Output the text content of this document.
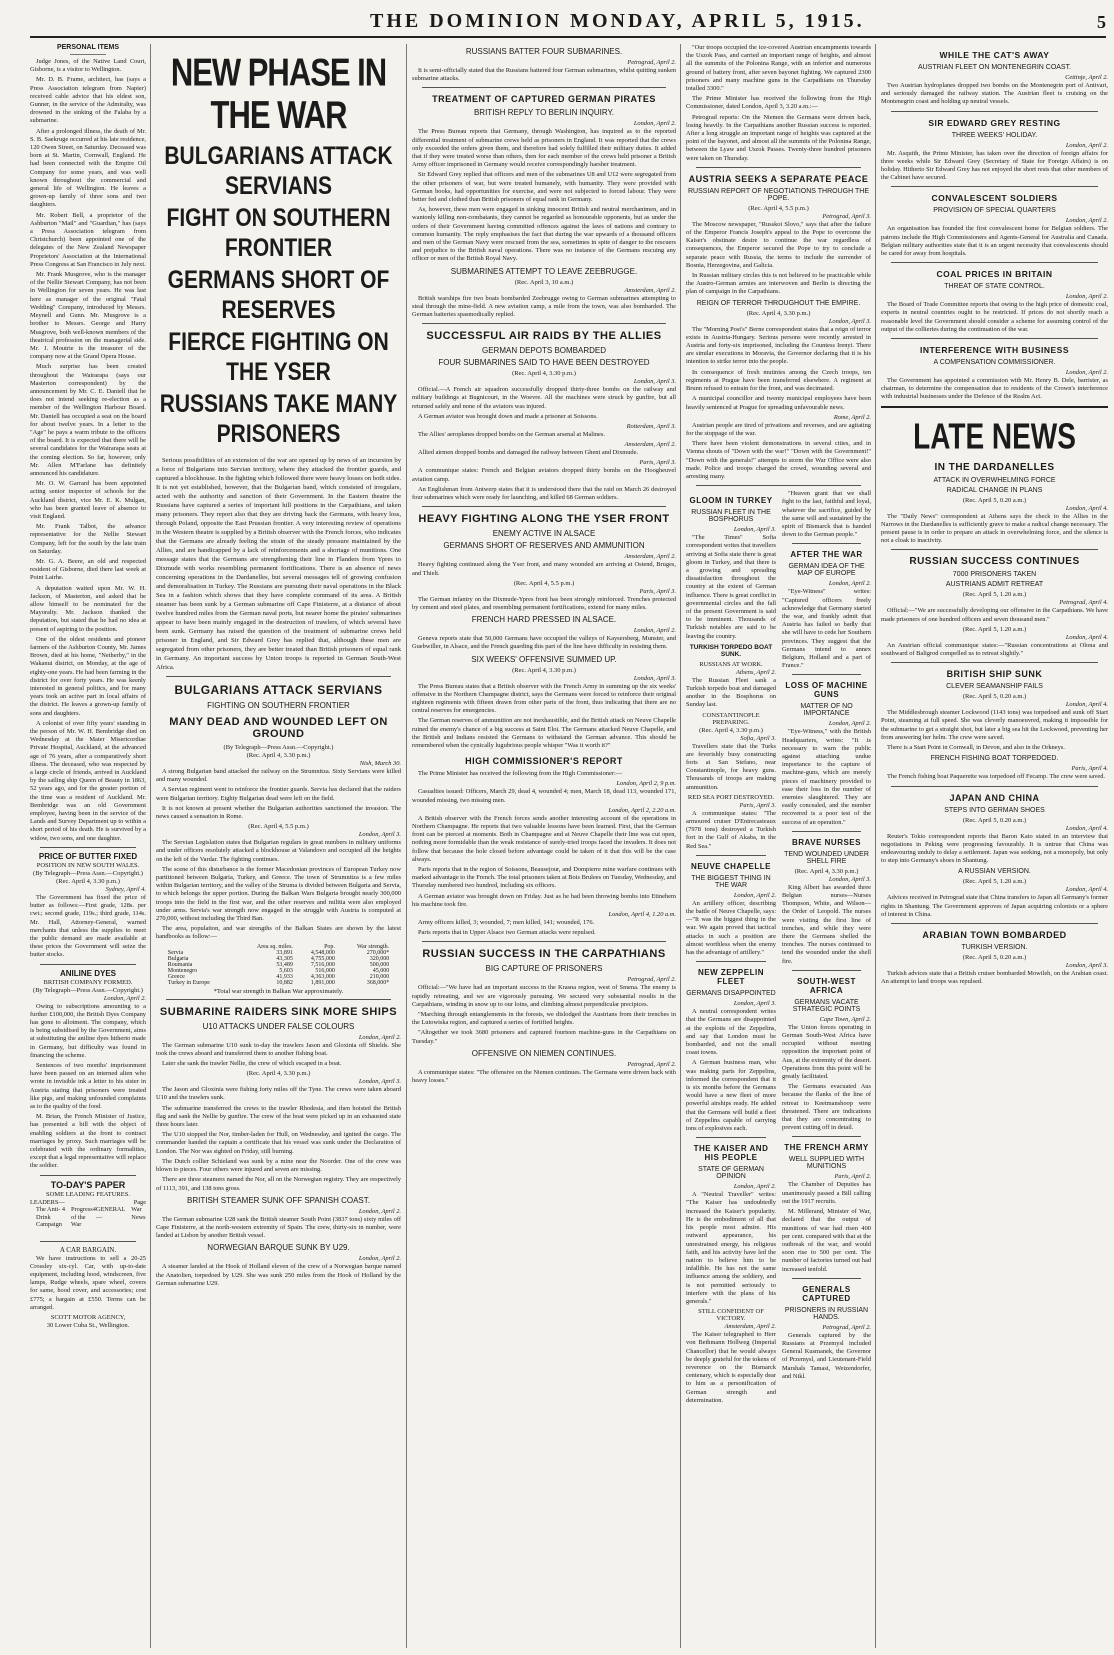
THE DOMINION MONDAY, APRIL 5, 1915.	5
PERSONAL ITEMS

Judge Jones, of the Native Land Court, Gisborne, is a visitor to Wellington.

Mr. D. B. Frame, architect, has (says a Press Association telegram from Napier) received cable advice that his eldest son, Gunner, in the service of the Admiralty, was drowned in the sinking of the Falaba by a submarine.

After a prolonged illness, the death of Mr. S. B. Saekruge occurred at his late residence, 120 Owen Street, on Saturday. Deceased was born at St. Martin, Cornwall, England. He had been connected with the Empire Oil Company for some years, and was well known throughout the commercial and general life of Wellington. He leaves a grown-up family of three sons and two daughters.

Mr. Robert Bell, a proprietor of the Ashburton "Mail" and "Guardian," has (says a Press Association telegram from Christchurch) been appointed one of the delegates of the New Zealand Newspaper Proprietors' Association at the International Press Congress at San Francisco in July next.

Mr. Frank Musgrove, who is the manager of the Nellie Stewart Company, has not been in Wellington for seven years. He was last here as manager of the original "Fatal Wedding" Company, introduced by Messrs. Meynell and Gunn. Mr. Musgrove is a brother to Messrs. George and Harry Musgrove, both well-known members of the theatrical profession on the managerial side. Mr. J. Moutrie is the treasurer of the company now at the Grand Opera House.

Much surprise has been created throughout the Wairarapa (says our Masterton correspondent) by the announcement by Mr. C. E. Daniell that he does not intend seeking re-election as a member of the Wellington Harbour Board. Mr. Daniell has occupied a seat on the board for about twelve years. In a letter to the "Age" he pays a warm tribute to the officers of the board. It is expected that there will be several candidates for the Wairarapa seats at the coming election. So far, however, only Mr. Allen M'Farlane has definitely announced his candidature.

Mr. O. W. Garrard has been appointed acting senior inspector of schools for the Auckland district, vice Mr. E. K. Mulgan, who has been granted leave of absence to visit England.

Mr. Frank Talbot, the advance representative for the Nellie Stewart Company, left for the south by the late train on Saturday.

Mr. G. A. Beere, an old and respected resident of Gisborne, died there last week at Point Lairhe.

A deputation waited upon Mr. W. H. Jackson, of Masterton, and asked that he allow himself to be nominated for the Mayoralty. Mr. Jackson thanked the deputation, but stated that he had no idea at present of aspiring to the position.

One of the oldest residents and pioneer farmers of the Ashburton County, Mr. James Brown, died at his home, "Netherby," in the Wakanui district, on Monday, at the age of eighty-one years. He had been farming in the district for over forty years. He was keenly interested in general politics, and for many years took an active part in local affairs of the district. He leaves a grown-up family of sons and daughters.

A colonist of over fifty years' standing in the person of Mr. W. H. Bembridge died on Wednesday at the Mater Misericordiae Private Hospital, Auckland, at the advanced age of 76 years, after a comparatively short illness. The deceased, who was respected by a large circle of friends, arrived in Auckland by the sailing ship Queen of Beauty in 1863, 52 years ago, and for the greater portion of the time was a resident of Auckland. Mr. Bembridge was an old Government employee, having been in the service of the Lands and Survey Department up to within a short period of his death. He is survived by a widow, two sons, and one daughter.

PRICE OF BUTTER FIXED
POSITION IN NEW SOUTH WALES.
(By Telegraph—Press Assn.—Copyright.)
(Rec. April 4, 3.30 p.m.)
Sydney, April 4.

The Government has fixed the price of butter as follows:—First grade, 128s. per cwt.; second grade, 119s.; third grade, 114s. Mr. Hall, Attorney-General, warned merchants that unless the supplies to meet the public demand are made available at these prices the Government will seize the butter stocks.

ANILINE DYES
BRITISH COMPANY FORMED.
(By Telegraph—Press Assn.—Copyright.)
London, April 2.

Owing to subscriptions amounting to a further £100,000, the British Dyes Company has gone to allotment. The company, which is being subsidised by the Government, aims at substituting the aniline dyes hitherto made in Germany, but difficulty was found in financing the scheme.

Sentences of two months' imprisonment have been passed on an interned alien who wrote in invisible ink a letter to his sister in Austria stating that prisoners were treated like pigs, and making unfounded complaints as to the quality of the food.

M. Brian, the French Minister of Justice, has presented a bill with the object of enabling soldiers at the front to contract marriages by proxy. Such marriages will be celebrated with the ordinary formalities, except that a legal representative will replace the soldier.

TO-DAY'S PAPER
SOME LEADING FEATURES.
LEADERS—	Page
The Anti-Drink Campaign
4 Progress of the War
4 GENERAL—
War News
A CAR BARGAIN.

We have instructions to sell a 20-25 Crossley six-cyl. Car, with up-to-date equipment, including hood, windscreen, five lamps, Rudge wheels, spare wheel, covers for same, hood cover, and accessories; cost £775; a bargain at £550. Terms can be arranged.

SCOTT MOTOR AGENCY,
30 Lower Cuba St., Wellington.
NEW PHASE IN THE WAR
BULGARIANS ATTACK SERVIANS
FIGHT ON SOUTHERN FRONTIER
GERMANS SHORT OF RESERVES
FIERCE FIGHTING ON THE YSER
RUSSIANS TAKE MANY PRISONERS

Serious possibilities of an extension of the war are opened up by news of an incursion by a force of Bulgarians into Servian territory, where they attacked the frontier guards, and captured a blockhouse. In the fighting which followed there were heavy losses on both sides. It is not yet established, however, that the Bulgarian band, which consisted of irregulars, acted with the authority and sanction of their Government. In the Eastern theatre the Russians have captured a series of important hill positions in the Carpathians, and taken many prisoners. They report also that they are driving back the Germans, with heavy loss, through Poland, opposite the East Prussian frontier. A very interesting review of operations in the Western theatre is supplied by a British observer with the French forces, who indicates that the Germans are already feeling the strain of the steady pressure maintained by the Allies, and are handicapped by a lack of reinforcements and a shortage of munitions. One message states that the Germans are strengthening their line in Flanders from Ypres to Dixmude with works resembling permanent fortifications. There is an absence of news concerning operations in the Dardanelles, but several messages tell of growing confusion and demoralisation in Turkey. The Russians are pursuing their naval operations in the Black Sea in a fashion which shows that they have complete command of its area. A British steamer has been sunk by a German submarine off Cape Finisterre, at a distance of about twelve hundred miles from the German naval ports, but nearer home the pirates' submarines appear to have been mainly engaged in the destruction of trawlers, of which several have been sunk. Germany has raised the question of the treatment of submarine crews held prisoner in England, and Sir Edward Grey has replied that, although these men are segregated from other prisoners, they are better treated than British prisoners of equal rank in Germany. An important success by Union troops is reported in German South-West Africa.

BULGARIANS ATTACK SERVIANS
FIGHTING ON SOUTHERN FRONTIER
MANY DEAD AND WOUNDED LEFT ON GROUND
(By Telegraph—Press Assn.—Copyright.)
(Rec. April 4, 3.30 p.m.)
Nish, March 30.

A strong Bulgarian band attacked the railway on the Strumnitza. Sixty Servians were killed and many wounded.

A Servian regiment went to reinforce the frontier guards. Servia has declared that the raiders were Bulgarian territory. Eighty Bulgarian dead were left on the field.

It is not known at present whether the Bulgarian authorities sanctioned the invasion. The news caused a sensation in Rome.

(Rec. April 4, 5.5 p.m.)
London, April 3.

The Servian Legislation states that Bulgarian regulars in great numbers in military uniforms and under officers resolutely attacked a blockhouse at Valandovo and occupied all the heights on the left of the Vardar. The fighting continues.

The scene of this disturbance is the former Macedonian provinces of European Turkey now partitioned between Bulgaria, Turkey, and Greece. The town of Strumnitza is a few miles within Bulgarian territory, and the valley of the Struma is divided between Bulgaria and Servia, to which belongs the upper portion. During the Balkan Wars Bulgaria brought nearly 300,000 troops into the field in the first war, and the other reserves and militia were also employed under arms. Servia's war strength now engaged in the struggle with Austria is computed at 270,000, without including the Third Ban.

The area, population, and war strengths of the Balkan States are shown by the latest handbooks as follow:—

	Area sq. miles.	Pop.	War strength.
Servia	33,891	4,548,000	270,000*
Bulgaria	43,305	4,755,000	320,000
Roumania	53,489	7,516,000	500,000
Montenegro	5,603	516,000	45,000
Greece	41,933	4,363,000	210,000
Turkey in Europe	10,882	1,891,000	368,000*
*Total war strength in Balkan War approximately.
SUBMARINE RAIDERS SINK MORE SHIPS
U10 ATTACKS UNDER FALSE COLOURS
London, April 2.

The German submarine U10 sunk to-day the trawlers Jason and Gloxinia off Shields. She took the crews aboard and transferred them to another fishing boat.

Later she sank the trawler Nellie, the crew of which escaped in a boat.

(Rec. April 4, 3.30 p.m.)
London, April 3.

The Jason and Gloxinia were fishing forty miles off the Tyne. The crews were taken aboard U10 and the trawlers sunk.

The submarine transferred the crews to the trawler Rhodesia, and then hoisted the British flag and sank the Nellie by gunfire. The crew of the boat were picked up in an exhausted state three hours later.

The U10 stopped the Nor, timber-laden for Hull, on Wednesday, and ignited the cargo. The commander handed the captain a certificate that his vessel was sunk under the Declaration of London. The Nor was sighted on Friday, still burning.

The Dutch collier Schieland was sunk by a mine near the Noorder. One of the crew was blown to pieces. Four others were injured and seven are missing.

There are three steamers named the Nor, all on the Norwegian registry. They are respectively of 1113, 391, and 138 tons gross.

BRITISH STEAMER SUNK OFF SPANISH COAST.
London, April 2.

The German submarine U28 sank the British steamer South Point (3837 tons) sixty miles off Cape Finisterre, at the north-western extremity of Spain. The crew, thirty-six in number, were landed at Lisbon by another British vessel.

NORWEGIAN BARQUE SUNK BY U29.
London, April 2.

A steamer landed at the Hook of Holland eleven of the crew of a Norwegian barque named the Anatolien, torpedoed by U29. She was sunk 250 miles from the Hook of Holland by the German submarine U29.

RUSSIANS BATTER FOUR SUBMARINES.
Petrograd, April 2.

It is semi-officially stated that the Russians battered four German submarines, whilst quitting sunken submarine attacks.

TREATMENT OF CAPTURED GERMAN PIRATES
BRITISH REPLY TO BERLIN INQUIRY.
London, April 2.

The Press Bureau reports that Germany, through Washington, has inquired as to the reported differential treatment of submarine crews held as prisoners in England. It was reported that the crews only exceeded the orders given them, and therefore had solely fulfilled their military duties. It added that if they were treated worse than others, then for each member of the crews held prisoner a British Army officer imprisoned in Germany would receive correspondingly harsher treatment.

Sir Edward Grey replied that officers and men of the submarines U8 and U12 were segregated from the other prisoners of war, but were treated humanely, with humanity. They were provided with German books, had opportunities for exercise, and were not subjected to forced labour. They were better fed and clothed than British prisoners of equal rank in Germany.

As, however, these men were engaged in sinking innocent British and neutral merchantmen, and in wantonly killing non-combatants, they cannot be regarded as honourable opponents, but as under the orders of their Government having committed offences against the laws of nations and contrary to common humanity. The reply emphasises the fact that during the war upwards of a thousand officers and men of the German Navy were rescued from the sea, sometimes in spite of danger to the rescuers and prejudice to the British naval operations. There was no instance of the Germans rescuing any officer or men of the British Royal Navy.

SUBMARINES ATTEMPT TO LEAVE ZEEBRUGGE.
(Rec. April 3, 10 a.m.)
Amsterdam, April 2.

British warships fire two boats bombarded Zeebrugge owing to German submarines attempting to steal through the mine-field. A new aviation camp, a mile from the town, was also bombarded. The German batteries spasmodically replied.

SUCCESSFUL AIR RAIDS BY THE ALLIES
GERMAN DEPOTS BOMBARDED
FOUR SUBMARINES SAID TO HAVE BEEN DESTROYED
(Rec. April 4, 3.30 p.m.)
London, April 3.

Official.—A French air squadron successfully dropped thirty-three bombs on the railway and military buildings at Bugnicourt, in the Woevre. All the machines were struck by gunfire, but all returned safely and none of the aviators was injured.

A German aviator was brought down and made a prisoner at Soissons.

Rotterdam, April 3.

The Allies' aeroplanes dropped bombs on the German arsenal at Malines.

Amsterdam, April 2.

Allied airmen dropped bombs and damaged the railway between Ghent and Dixmude.

Paris, April 3.

A communique states: French and Belgian aviators dropped thirty bombs on the Hoogheuvel aviation camp.

An Englishman from Antwerp states that it is understood there that the raid on March 26 destroyed four submarines which were ready for launching, and killed 68 German soldiers.

HEAVY FIGHTING ALONG THE YSER FRONT
ENEMY ACTIVE IN ALSACE
GERMANS SHORT OF RESERVES AND AMMUNITION
Amsterdam, April 2.

Heavy fighting continued along the Yser front, and many wounded are arriving at Ostend, Bruges, and Thielt.

(Rec. April 4, 5.5 p.m.)
Paris, April 3.

The German infantry on the Dixmude-Ypres front has been strongly reinforced. Trenches protected by cement and steel plates, and resembling permanent fortifications, extend for many miles.

FRENCH HARD PRESSED IN ALSACE.
London, April 2.

Geneva reports state that 50,000 Germans have occupied the valleys of Kaysersberg, Munster, and Guebwiller, in Alsace, and the French guarding this part of the line have difficulty in resisting them.

SIX WEEKS' OFFENSIVE SUMMED UP.
(Rec. April 4, 3.30 p.m.)
London, April 3.

The Press Bureau states that a British observer with the French Army in summing up the six weeks' offensive in the Northern Champagne district, says the Germans were forced to reinforce their original eighteen regiments with fifteen drawn from other parts of the front, thus indicating that there are no central reserves for emergencies.

The German reserves of ammunition are not inexhaustible, and the British attack on Neuve Chapelle ruined the enemy's chance of a big success at Saint Eloi. The Germans attacked Neuve Chapelle, and the British and Indians resisted the Germans to withstand the German advance. This should be remembered when the cynically lugubrious people whisper "Was it worth it?"

HIGH COMMISSIONER'S REPORT

The Prime Minister has received the following from the High Commissioner:—

London, April 2, 9 p.m.

Casualties issued: Officers, March 29, dead 4, wounded 4; men, March 18, dead 113, wounded 171, wounded missing, two missing men.

London, April 2, 2.20 a.m.

A British observer with the French forces sends another interesting account of the operations in Northern Champagne. He reports that two valuable lessons have been learned. First, that the German front can be pierced at moments. Both in Champagne and at Neuve Chapelle their line was cut open, nothing more formidable than the weak resistance of surely-tried troops faced the invaders. It does not follow that because the hole closed before advantage could be taken of it that this will be the case always.

Paris reports that in the region of Soissons, Beausejour, and Dompierre mine warfare continues with marked advantage to the French. The total prisoners taken at Bois Brulees on Tuesday, Wednesday, and Thursday numbered two hundred, including six officers.

A German aviator was brought down on Friday. Just as he had been throwing bombs into Etinehem his machine took fire.

London, April 4, 1.20 a.m.

Army officers killed, 3; wounded, 7; men killed, 141; wounded, 176.

Paris reports that in Upper Alsace two German attacks were repulsed.

RUSSIAN SUCCESS IN THE CARPATHIANS
BIG CAPTURE OF PRISONERS
Petrograd, April 2.

Official:—"We have had an important success in the Krasna region, west of Smena. The enemy is rapidly retreating, and we are vigorously pursuing. We secured very substantial results in the Carpathians, winding in snow up to our loins, and climbing almost perpendicular precipices.

"Marching through entanglements in the forests, we dislodged the Austrians from their trenches in the Lutowiska region, and captured a series of fortified heights.

"Altogether we took 3680 prisoners and captured fourteen machine-guns in the Carpathians on Tuesday."

OFFENSIVE ON NIEMEN CONTINUES.
Petrograd, April 2.

A communique states: "The offensive on the Niemen continues. The Germans were driven back with heavy losses."

"Our troops occupied the ice-covered Austrian encampments towards the Uszok Pass, and carried an important range of heights, and almost all the summits of the Polonina Range, with an inferior and numerous ground of battery front, after seven bayonet fighting. We captured 2300 prisoners and many machine guns in the Carpathians on Thursday totalled 3300."

The Prime Minister has received the following from the High Commissioner, dated London, April 3, 3.20 a.m.:—

Petrograd reports: On the Niemen the Germans were driven back, losing heavily. In the Carpathians another Russian success is reported. After a long struggle an important range of heights was captured at the point of the bayonet, and almost all the summits of the Polonina Range, between the Lyaw and Uszok Passes. Twenty-three hundred prisoners were taken on Thursday.

AUSTRIA SEEKS A SEPARATE PEACE
RUSSIAN REPORT OF NEGOTIATIONS THROUGH THE POPE.
(Rec. April 4, 5.5 p.m.)
Petrograd, April 3.

The Moscow newspaper, "Russkoi Slovo," says that after the failure of the Emperor Francis Joseph's appeal to the Pope to overcome the Kaiser's obstinate desire to continue the war regardless of consequences, the Emperor secured the Pope to try to conclude a separate peace with Russia, the terms to include the surrender of Bosnia, Herzegovina, and Galicia.

In Russian military circles this is not believed to be practicable while the Austro-German armies are interwoven and Berlin is directing the plan of campaign in the Carpathians.

REIGN OF TERROR THROUGHOUT THE EMPIRE.
(Rec. April 4, 3.30 p.m.)
London, April 3.

The "Morning Post's" Berne correspondent states that a reign of terror exists in Austria-Hungary. Serious persons were recently arrested in Austria and forty-six imprisoned, including the Countess Irenyi. There are similar executions in Moravia, the Governor declaring that it is his intention to strike terror into the people.

In consequence of fresh mutinies among the Czech troops, ten regiments at Prague have been transferred elsewhere. A regiment at Brunn refused to entrain for the front, and was decimated.

A municipal councillor and twenty municipal employees have been heavily sentenced at Prague for spreading unfavourable news.

Rome, April 2.

Austrian people are tired of privations and reverses, and are agitating for the stoppage of the war.

There have been violent demonstrations in several cities, and in Vienna shouts of "Down with the war!" "Down with the Government!" "Down with the generals!" attempts to storm the War Office were also made. Police and troops charged the crowd, wounding several and arresting many.

GLOOM IN TURKEY
RUSSIAN FLEET IN THE BOSPHORUS
London, April 3.

"The Times" Sofia correspondent writes that travellers arriving at Sofia state there is great gloom in Turkey, and that there is a growing and spreading dissatisfaction throughout the country at the extent of German influence. There is great conflict in governmental circles and the fall of the present Government is said to be imminent. Thousands of Turkish notables are said to be leaving the country.

TURKISH TORPEDO BOAT SUNK.
RUSSIANS AT WORK.
Athens, April 2.

The Russian Fleet sank a Turkish torpedo boat and damaged another in the Bosphorus on Sunday last.

CONSTANTINOPLE PREPARING.
(Rec. April 4, 3.30 p.m.)
Sofia, April 3.

Travellers state that the Turks are feverishly busy constructing forts at San Stefano, near Constantinople, for heavy guns. Thousands of troops are making ammunition.

RED SEA PORT DESTROYED.
Paris, April 3.

A communique states: "The armoured cruiser D'Entrecasteaux (7978 tons) destroyed a Turkish fort in the Gulf of Akaba, in the Red Sea."

NEUVE CHAPELLE
THE BIGGEST THING IN THE WAR
London, April 2.

An artillery officer, describing the battle of Neuve Chapelle, says:—"It was the biggest thing in the war. We again proved that tactical attacks in such a position are almost worthless when the enemy has the advantage of artillery."

NEW ZEPPELIN FLEET
GERMANS DISAPPOINTED
London, April 3.

A neutral correspondent writes that the Germans are disappointed at the exploits of the Zeppelins, and say that London must be bombarded, and not the small coast towns.

A German business man, who was making parts for Zeppelins, informed the correspondent that it is six months before the Germans would have a new fleet of more powerful airships ready. He added that the Germans will build a fleet of Zeppelins capable of carrying tons of explosives each.

THE KAISER AND HIS PEOPLE
STATE OF GERMAN OPINION
London, April 2.

A "Neutral Traveller" writes: "The Kaiser has undoubtedly increased the Kaiser's popularity. He is the embodiment of all that his people most admire. His outward appearance, his unrestrained energy, his religious faith, and his activity have led the nation to believe him to be infallible. He has not the same influence among the soldiery, and is not permitted seriously to interfere with the plans of his generals."

STILL CONFIDENT OF VICTORY.
Amsterdam, April 2.

The Kaiser telegraphed to Herr von Bethmann Hollweg (Imperial Chancellor) that he would always be deeply grateful for the tokens of reverence on the Bismarck centenary, which is especially dear to him as a personification of German strength and determination.

"Heaven grant that we shall fight to the last, faithful and loyal, whatever the sacrifice, guided by the same will and sustained by the spirit of Bismarck that is handed down to the German people."

AFTER THE WAR
GERMAN IDEA OF THE MAP OF EUROPE
London, April 2.

"Eye-Witness" writes: "Captured officers freely acknowledge that Germany started the war, and frankly admit that Austria has failed so badly that she will have to cede her Southern provinces. They suggest that the Germans intend to annex Belgium, Holland and a part of France."

LOSS OF MACHINE GUNS
MATTER OF NO IMPORTANCE
London, April 2.

"Eye-Witness," with the British Headquarters, writes: "It is necessary to warn the public against attaching undue importance to the capture of machine-guns, which are merely pieces of machinery provided to ease their loss in the number of enemies slaughtered. They are easily concealed, and the number recovered is a poor test of the success of an operation."

BRAVE NURSES
TEND WOUNDED UNDER SHELL FIRE
(Rec. April 4, 3.30 p.m.)
London, April 3.

King Albert has awarded three Belgian nurses—Nurses Thompson, White, and Wilson—the Order of Leopold. The nurses were visiting the first line of trenches, and while they were there the Germans shelled the trenches. The nurses continued to tend the wounded under the shell fire.

SOUTH-WEST AFRICA
GERMANS VACATE STRATEGIC POINTS
Cape Town, April 2.

The Union forces operating in German South-West Africa have occupied without meeting opposition the important point of Aus, at the extremity of the desert. Operations from this point will be greatly facilitated.

The Germans evacuated Aus because the flanks of the line of retreat to Keetmanshoop were threatened. There are indications that they are concentrating to prevent cutting off in detail.

THE FRENCH ARMY
WELL SUPPLIED WITH MUNITIONS
Paris, April 2.

The Chamber of Deputies has unanimously passed a Bill calling out the 1917 recruits.

M. Millerand, Minister of War, declared that the output of munitions of war had risen 400 per cent. compared with that at the outbreak of the war, and would soon rise to 500 per cent. The number of factories turned out had increased tenfold.

GENERALS CAPTURED
PRISONERS IN RUSSIAN HANDS.
Petrograd, April 2.

Generals captured by the Russians at Przemysl included General Kusmanek, the Governor of Przemysl, and Lieutenant-Field Marshals Tamasi, Weizendorfer, and Nikl.

WHILE THE CAT'S AWAY
AUSTRIAN FLEET ON MONTENEGRIN COAST.
Cettinje, April 2.

Two Austrian hydroplanes dropped two bombs on the Montenegrin port of Antivari, and seriously damaged the railway station. The Austrian fleet is cruising on the Montenegrin coast and holding up neutral vessels.

SIR EDWARD GREY RESTING
THREE WEEKS' HOLIDAY.
London, April 2.

Mr. Asquith, the Prime Minister, has taken over the direction of foreign affairs for three weeks while Sir Edward Grey (Secretary of State for Foreign Affairs) is on holiday. Hitherto Sir Edward Grey has not enjoyed the short rests that other members of the Cabinet have secured.

CONVALESCENT SOLDIERS
PROVISION OF SPECIAL QUARTERS
London, April 2.

An organisation has founded the first convalescent home for Belgian soldiers. The patrons include the High Commissioners and Agents-General for Australia and Canada. Belgian military authorities state that it is an urgent necessity that convalescents should be cared for away from hospitals.

COAL PRICES IN BRITAIN
THREAT OF STATE CONTROL.
London, April 2.

The Board of Trade Committee reports that owing to the high price of domestic coal, experts in neutral countries ought to be restricted. If prices do not shortly reach a reasonable level the Government should consider a scheme for assuming control of the output of the collieries during the continuation of the war.

INTERFERENCE WITH BUSINESS
A COMPENSATION COMMISSIONER.
London, April 2.

The Government has appointed a commission with Mr. Henry B. Dele, barrister, as chairman, to determine the compensation due to residents of the Crown's interference with industrial businesses under the Defence of the Realm Act.

LATE NEWS
IN THE DARDANELLES
ATTACK IN OVERWHELMING FORCE
RADICAL CHANGE IN PLANS
(Rec. April 5, 0.20 a.m.)
London, April 4.

The "Daily News" correspondent at Athens says the check to the Allies in the Narrows in the Dardanelles is sufficiently grave to make a radical change necessary. The present pause is in order to prepare an attack in overwhelming force, and the silence is not a cloak to inactivity.

RUSSIAN SUCCESS CONTINUES
7000 PRISONERS TAKEN
AUSTRIANS ADMIT RETREAT
(Rec. April 5, 1.20 a.m.)
Petrograd, April 4.

Official:—"We are successfully developing our offensive in the Carpathians. We have made prisoners of one hundred officers and seven thousand men."

(Rec. April 5, 1.20 a.m.)
London, April 4.

An Austrian official communique states:—"Russian concentrations at Olona and southward of Baligrod compelled us to retreat slightly."

BRITISH SHIP SUNK
CLEVER SEAMANSHIP FAILS
(Rec. April 5, 0.20 a.m.)
London, April 4.

The Middlesbrough steamer Lockwood (1143 tons) was torpedoed and sunk off Start Point, steaming at full speed. She was cleverly manoeuvred, making it impossible for the submarine to get a straight shot, but later a big sea hit the Lockwood, preventing her from answering her helm. The crew were saved.

There is a Start Point in Cornwall, in Devon, and also in the Orkneys.

FRENCH FISHING BOAT TORPEDOED.
Paris, April 4.

The French fishing boat Paquerette was torpedoed off Fecamp. The crew were saved.

JAPAN AND CHINA
STEPS INTO GERMAN SHOES
(Rec. April 5, 0.20 a.m.)
London, April 4.

Reuter's Tokio correspondent reports that Baron Kato stated in an interview that negotiations in Peking were progressing favourably. It is untrue that China was endeavouring unduly to delay a settlement. Japan was seeking, not a monopoly, but only to step into Germany's shoes in Shantung.

A RUSSIAN VERSION.
(Rec. April 5, 1.20 a.m.)
London, April 4.

Advices received in Petrograd state that China transfers to Japan all Germany's former rights in Shantung. The Government approves of Japan acquiring colonists or a sphere of interest in China.

ARABIAN TOWN BOMBARDED
TURKISH VERSION.
(Rec. April 5, 0.20 a.m.)
London, April 3.

Turkish advices state that a British cruiser bombarded Mowileh, on the Arabian coast. An attempt to land troops was repulsed.
